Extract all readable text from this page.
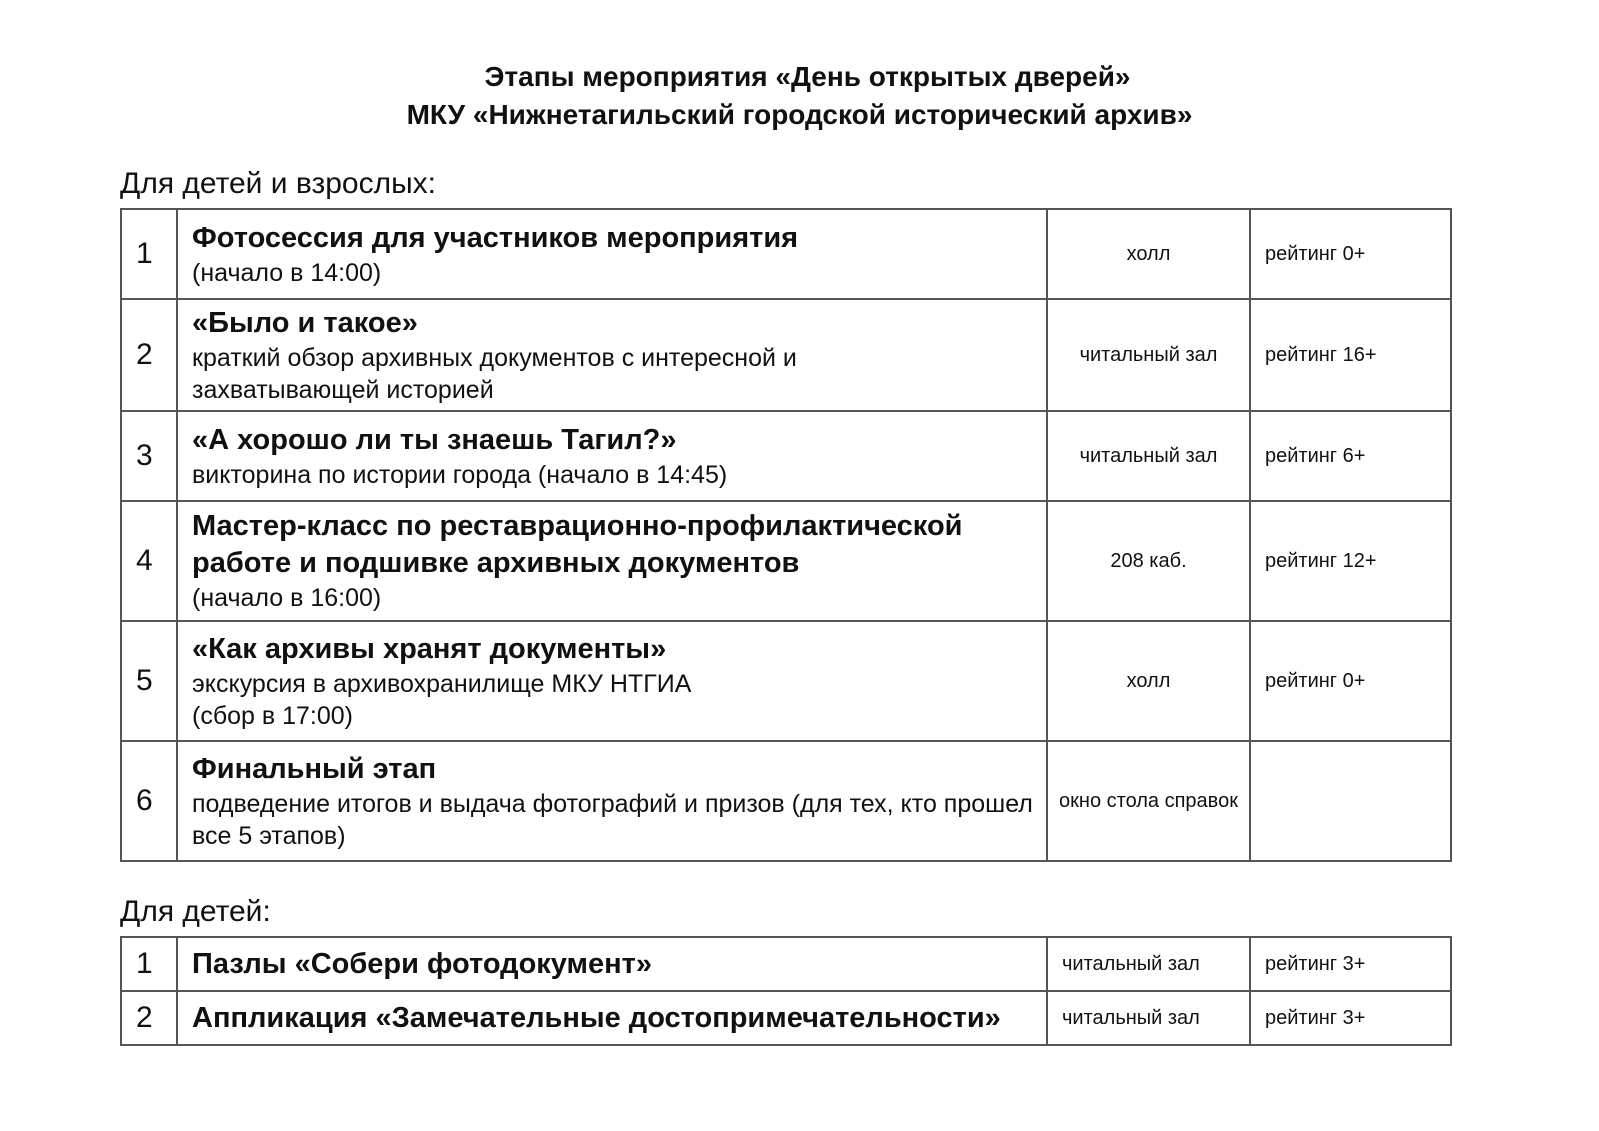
Этапы мероприятия «День открытых дверей»
МКУ «Нижнетагильский городской исторический архив»
Для детей и взрослых:
1	Фотосессия для участников мероприятия
(начало в 14:00)	холл	рейтинг 0+
2	«Было и такое»
краткий обзор архивных документов с интересной и
захватывающей историей	читальный зал	рейтинг 16+
3	«А хорошо ли ты знаешь Тагил?»
викторина по истории города (начало в 14:45)	читальный зал	рейтинг 6+
4	Мастер-класс по реставрационно-профилактической работе и подшивке архивных документов
(начало в 16:00)	208 каб.	рейтинг 12+
5	«Как архивы хранят документы»
экскурсия в архивохранилище МКУ НТГИА
(сбор в 17:00)	холл	рейтинг 0+
6	Финальный этап
подведение итогов и выдача фотографий и призов (для тех, кто прошел все 5 этапов)	окно стола справок	
Для детей:
1	Пазлы «Собери фотодокумент»	читальный зал	рейтинг 3+
2	Аппликация «Замечательные достопримечательности»	читальный зал	рейтинг 3+
